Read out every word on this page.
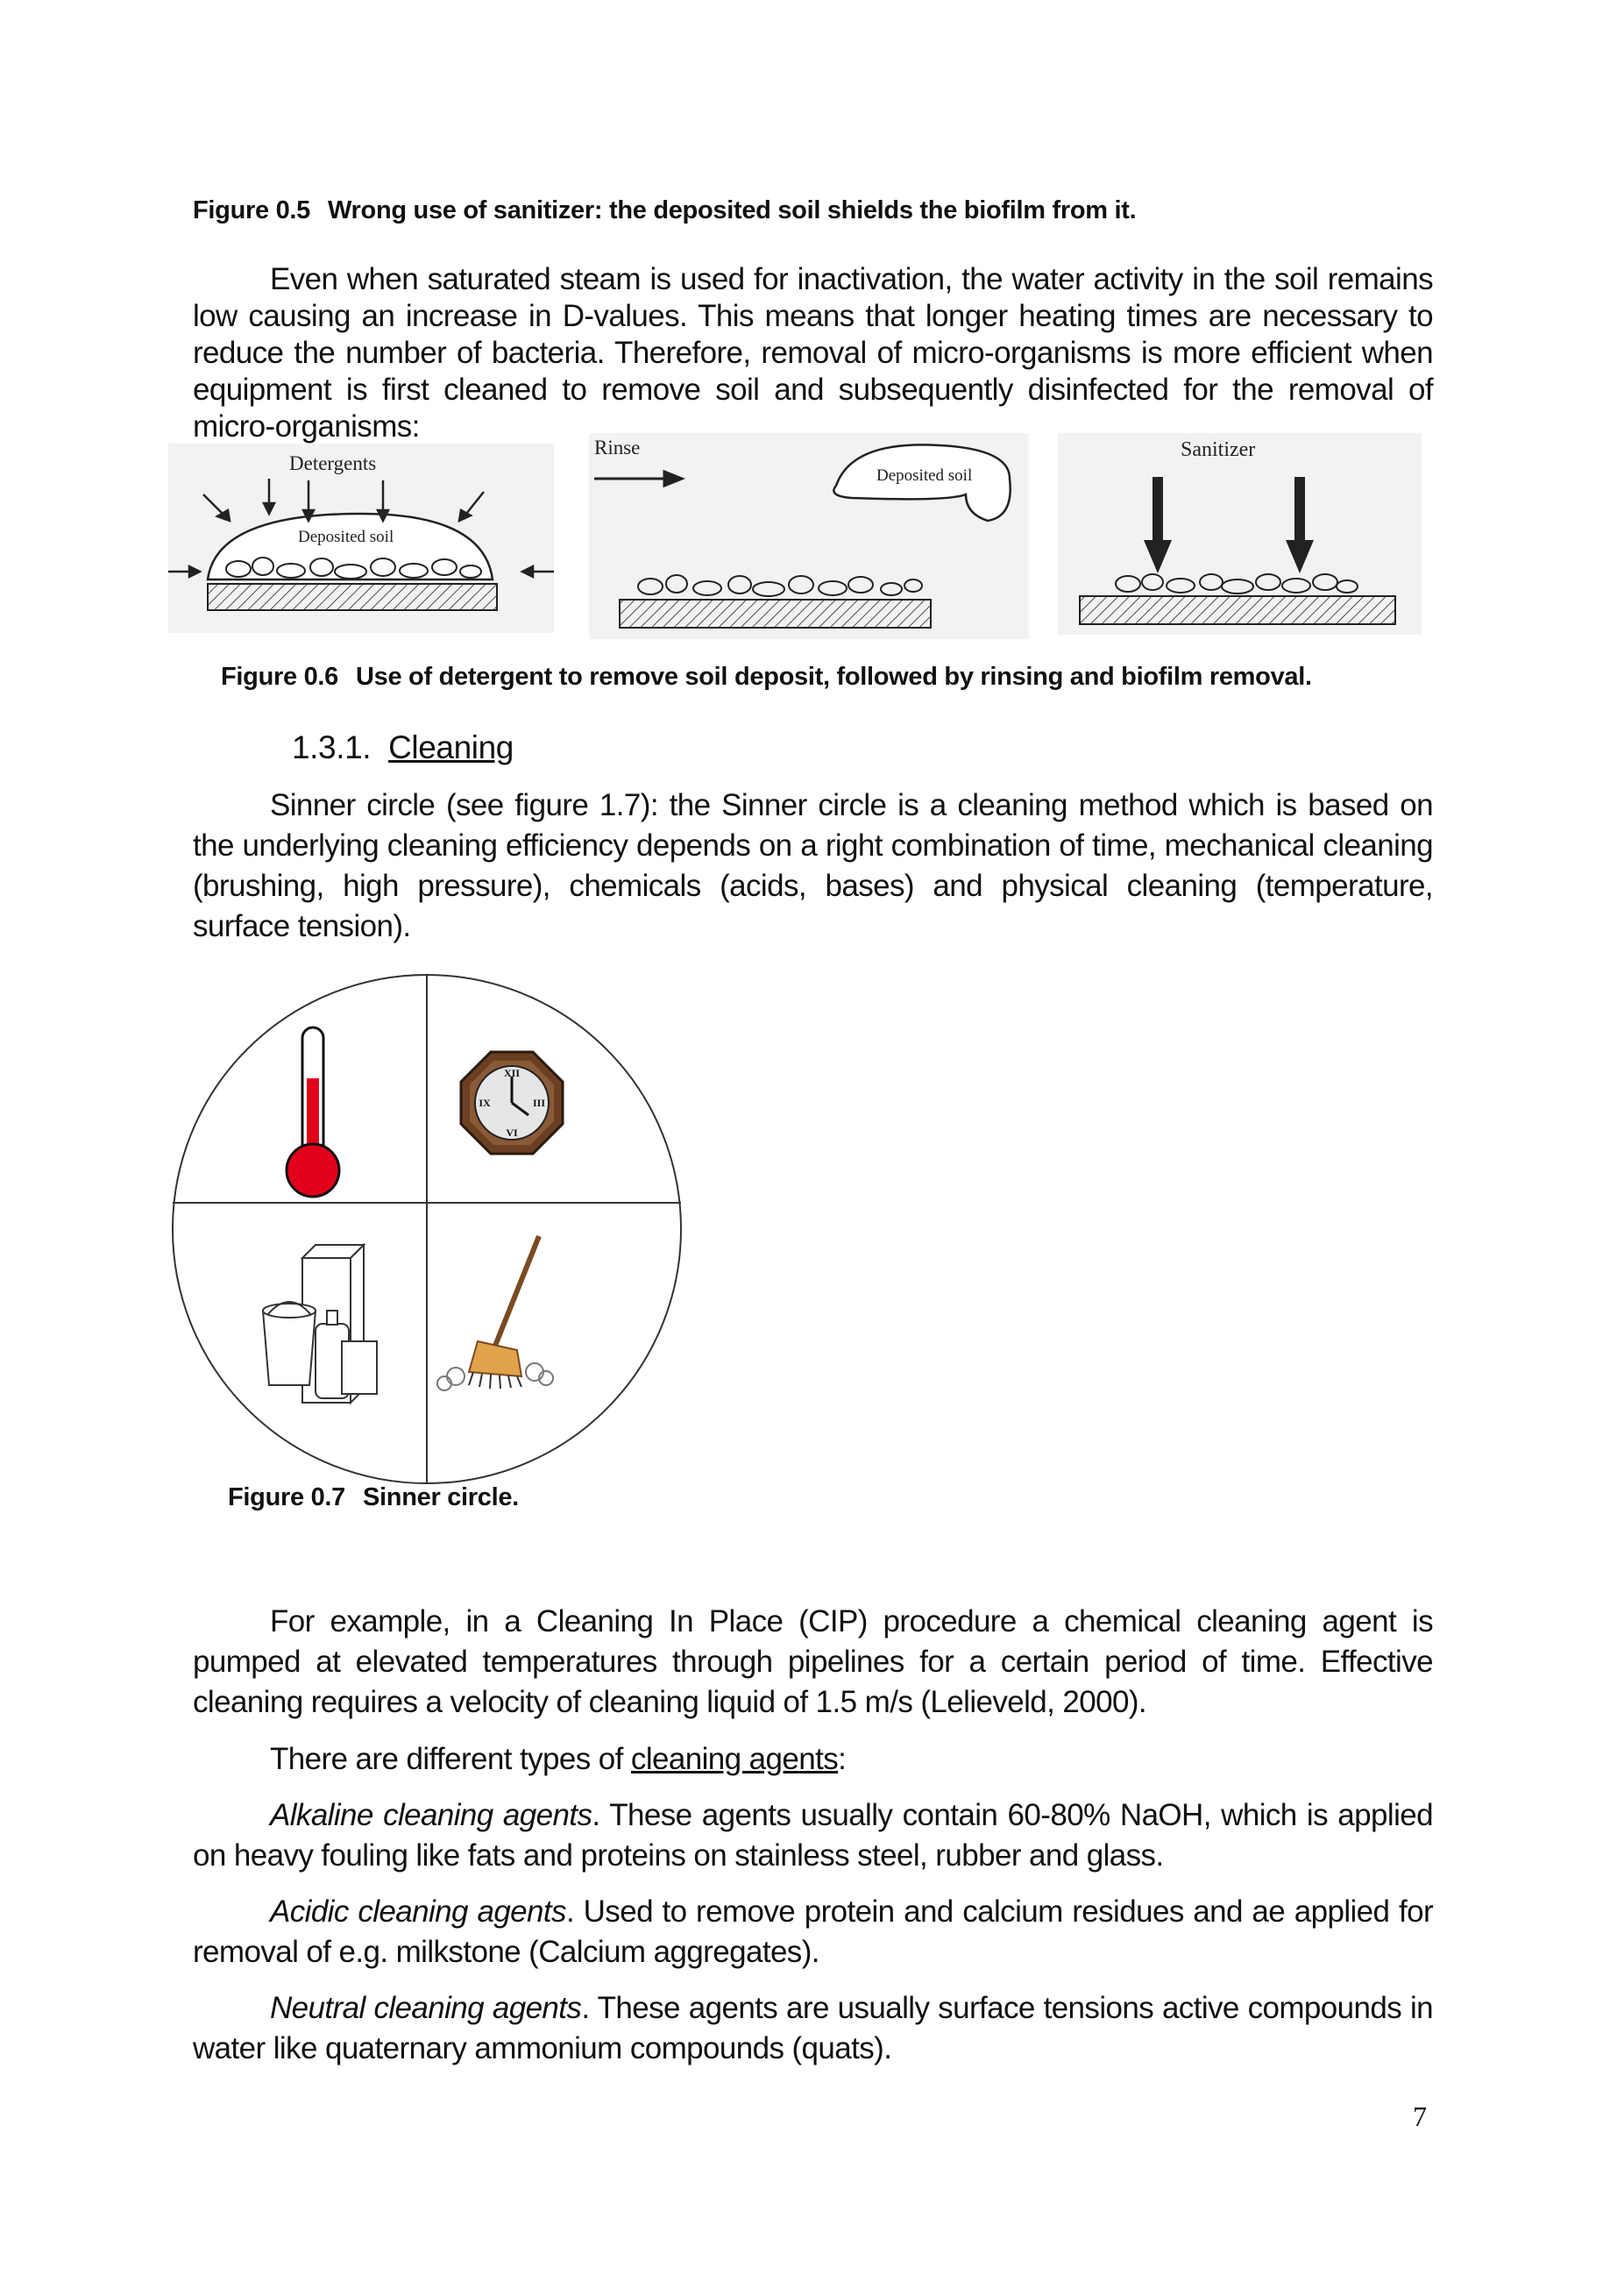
Figure 0.5 Wrong use of sanitizer: the deposited soil shields the biofilm from it.
Even when saturated steam is used for inactivation, the water activity in the soil remains low causing an increase in D-values. This means that longer heating times are necessary to reduce the number of bacteria. Therefore, removal of micro-organisms is more efficient when equipment is first cleaned to remove soil and subsequently disinfected for the removal of micro-organisms:
Detergents
Deposited soil
Rinse
Deposited soil
Sanitizer
Figure 0.6 Use of detergent to remove soil deposit, followed by rinsing and biofilm removal.
1.3.1. Cleaning
Sinner circle (see figure 1.7): the Sinner circle is a cleaning method which is based on the underlying cleaning efficiency depends on a right combination of time, mechanical cleaning (brushing, high pressure), chemicals (acids, bases) and physical cleaning (temperature, surface tension).
XII
III
VI
IX
Figure 0.7 Sinner circle.
For example, in a Cleaning In Place (CIP) procedure a chemical cleaning agent is pumped at elevated temperatures through pipelines for a certain period of time. Effective cleaning requires a velocity of cleaning liquid of 1.5 m/s (Lelieveld, 2000).
There are different types of cleaning agents:
Alkaline cleaning agents. These agents usually contain 60-80% NaOH, which is applied on heavy fouling like fats and proteins on stainless steel, rubber and glass.
Acidic cleaning agents. Used to remove protein and calcium residues and ae applied for removal of e.g. milkstone (Calcium aggregates).
Neutral cleaning agents. These agents are usually surface tensions active compounds in water like quaternary ammonium compounds (quats).
7
